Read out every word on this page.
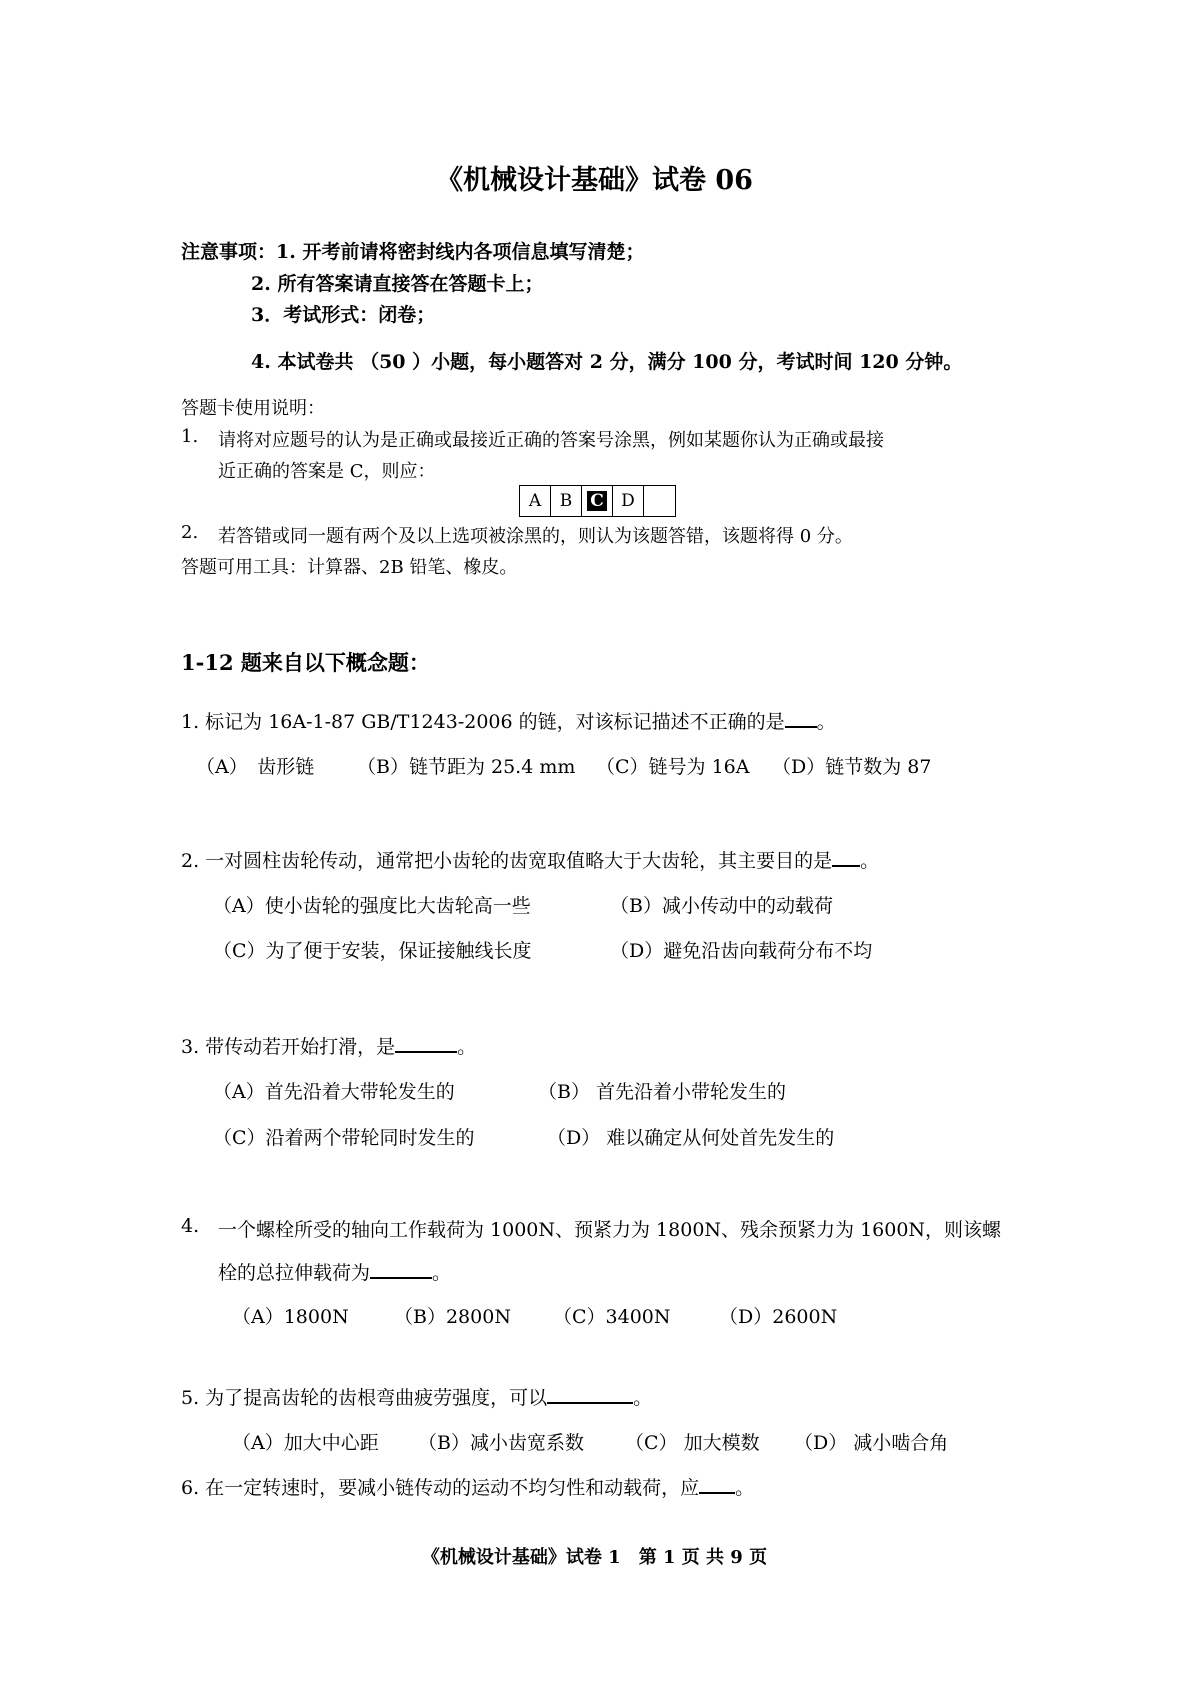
《机械设计基础》试卷 06
注意事项：1. 开考前请将密封线内各项信息填写清楚；
2. 所有答案请直接答在答题卡上；
3．考试形式：闭卷；
4. 本试卷共 （50 ）小题，每小题答对 2 分，满分 100 分，考试时间 120 分钟。
答题卡使用说明：
1. 请将对应题号的认为是正确或最接近正确的答案号涂黑，例如某题你认为正确或最接
近正确的答案是 C，则应：
A B C D
2. 若答错或同一题有两个及以上选项被涂黑的，则认为该题答错，该题将得 0 分。
答题可用工具：计算器、2B 铅笔、橡皮。
1-12 题来自以下概念题：
1. 标记为 16A-1-87 GB/T1243-2006 的链，对该标记描述不正确的是 。
（A）　齿形链 （B）链节距为 25.4 mm （C）链号为 16A （D）链节数为 87
2. 一对圆柱齿轮传动，通常把小齿轮的齿宽取值略大于大齿轮，其主要目的是 。
（A）使小齿轮的强度比大齿轮高一些	（B）减小传动中的动载荷
（C）为了便于安装，保证接触线长度	（D）避免沿齿向载荷分布不均
3. 带传动若开始打滑，是	。
（A）首先沿着大带轮发生的	（B） 首先沿着小带轮发生的
（C）沿着两个带轮同时发生的	（D） 难以确定从何处首先发生的
4. 一个螺栓所受的轴向工作载荷为 1000N、预紧力为 1800N、残余预紧力为 1600N，则该螺
栓的总拉伸载荷为	。
（A）1800N （B）2800N （C）3400N	（D）2600N
5. 为了提高齿轮的齿根弯曲疲劳强度，可以	。
（A）加大中心距 （B）减小齿宽系数 （C） 加大模数 （D） 减小啮合角
6. 在一定转速时，要减小链传动的运动不均匀性和动载荷，应 。
《机械设计基础》试卷 1　第 1 页 共 9 页
